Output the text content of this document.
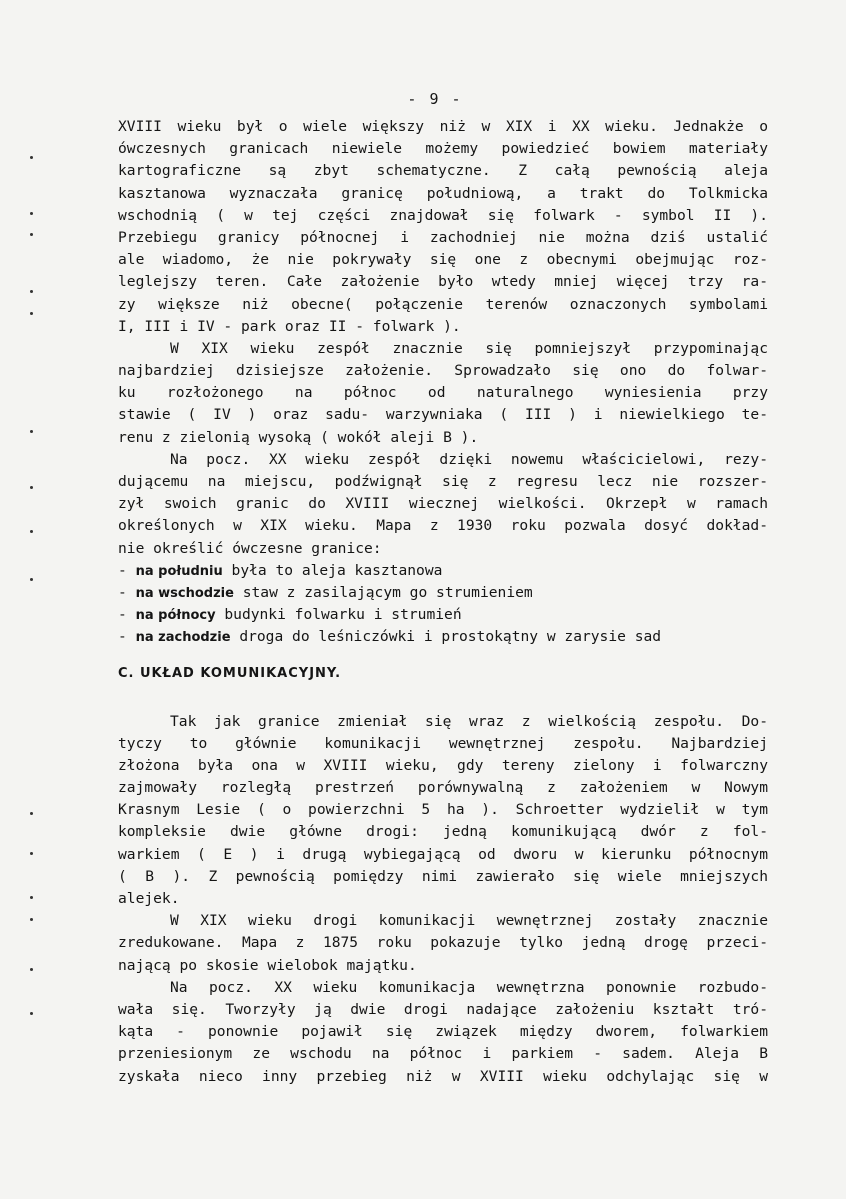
- 9 -
XVIII wieku był o wiele większy niż w XIX i XX wieku. Jednakże o
ówczesnych granicach niewiele możemy powiedzieć bowiem materiały
kartograficzne są zbyt schematyczne. Z całą pewnością aleja
kasztanowa wyznaczała granicę południową, a trakt do Tolkmicka
wschodnią ( w tej części znajdował się folwark - symbol II ).
Przebiegu granicy północnej i zachodniej nie można dziś ustalić
ale wiadomo, że nie pokrywały się one z obecnymi obejmując roz-
leglejszy teren. Całe założenie było wtedy mniej więcej trzy ra-
zy większe niż obecne( połączenie terenów oznaczonych symbolami
I, III i IV - park oraz II - folwark ).
W XIX wieku zespół znacznie się pomniejszył przypominając
najbardziej dzisiejsze założenie. Sprowadzało się ono do folwar-
ku rozłożonego na północ od naturalnego wyniesienia przy
stawie ( IV ) oraz sadu- warzywniaka ( III ) i niewielkiego te-
renu z zielonią wysoką ( wokół aleji B ).
Na pocz. XX wieku zespół dzięki nowemu właścicielowi, rezy-
dującemu na miejscu, podźwignął się z regresu lecz nie rozszer-
zył swoich granic do XVIII wiecznej wielkości. Okrzepł w ramach
określonych w XIX wieku. Mapa z 1930 roku pozwala dosyć dokład-
nie określić ówczesne granice:
- na południu była to aleja kasztanowa
- na wschodzie staw z zasilającym go strumieniem
- na północy budynki folwarku i strumień
- na zachodzie droga do leśniczówki i prostokątny w zarysie sad
C. UKŁAD KOMUNIKACYJNY.
Tak jak granice zmieniał się wraz z wielkością zespołu. Do-
tyczy to głównie komunikacji wewnętrznej zespołu. Najbardziej
złożona była ona w XVIII wieku, gdy tereny zielony i folwarczny
zajmowały rozległą prestrzeń porównywalną z założeniem w Nowym
Krasnym Lesie ( o powierzchni 5 ha ). Schroetter wydzielił w tym
kompleksie dwie główne drogi: jedną komunikującą dwór z fol-
warkiem ( E ) i drugą wybiegającą od dworu w kierunku północnym
( B ). Z pewnością pomiędzy nimi zawierało się wiele mniejszych
alejek.
W XIX wieku drogi komunikacji wewnętrznej zostały znacznie
zredukowane. Mapa z 1875 roku pokazuje tylko jedną drogę przeci-
nającą po skosie wielobok majątku.
Na pocz. XX wieku komunikacja wewnętrzna ponownie rozbudo-
wała się. Tworzyły ją dwie drogi nadające założeniu kształt tró-
kąta - ponownie pojawił się związek między dworem, folwarkiem
przeniesionym ze wschodu na północ i parkiem - sadem. Aleja B
zyskała nieco inny przebieg niż w XVIII wieku odchylając się w
